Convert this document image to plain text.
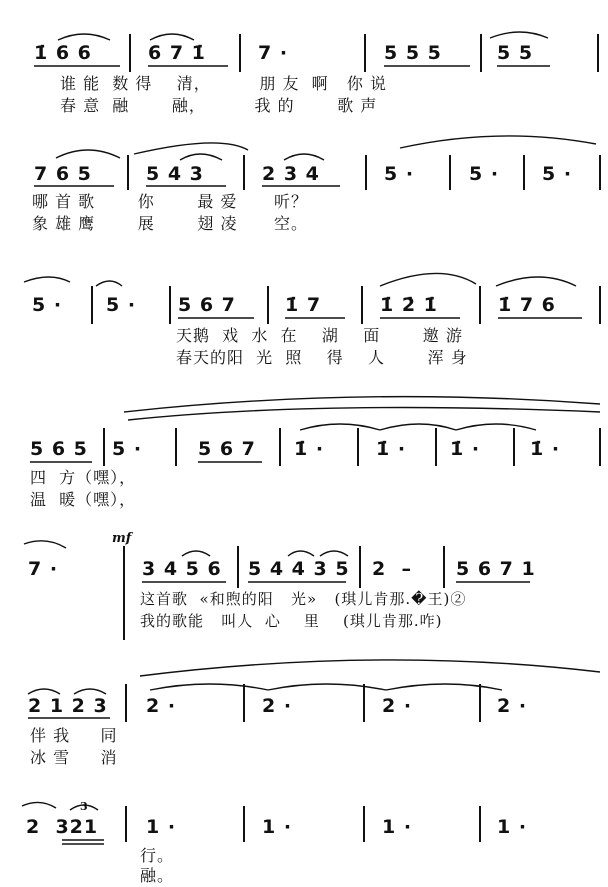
1̇ 6 6	6 7 1̇	7 ·	5 5 5	5 5
谁 能  数 得    清，        朋 友  啊   你 说
春 意  融       融，        我 的       歌 声
7 6 5	5 4 3	2 3 4	5 ·	5 · 5 ·
哪 首 歌       你       最 爱      听？
象 雄 鹰       展       翅 凌      空。
5 · 5 · 5 6 7	1̇ 7	1̇ 2̇ 1̇	1̇ 7 6
天鹅  戏  水  在    湖    面       邀 游
春天的阳  光  照    得    人       浑 身
5 6 5 5 ·	5 6 7 1̇ ·	1̇ · 1̇ ·	1̇ ·
四  方（嘿），
温  暖（嘿），
mf
7 ·	3 4 5 6 5 4 4 3 5 2  – 5 6 7 1
这首歌  «和煦的阳   光»   (琪儿肯那.�王)②
我的歌能   叫人  心    里    (琪儿肯那.咋)
2 1 2 3 2 ·	2 ·	2 ·	2 ·
伴 我     同
冰 雪     消
3
2  321	1 ·	1 ·	1 ·	1 ·
行。
融。
